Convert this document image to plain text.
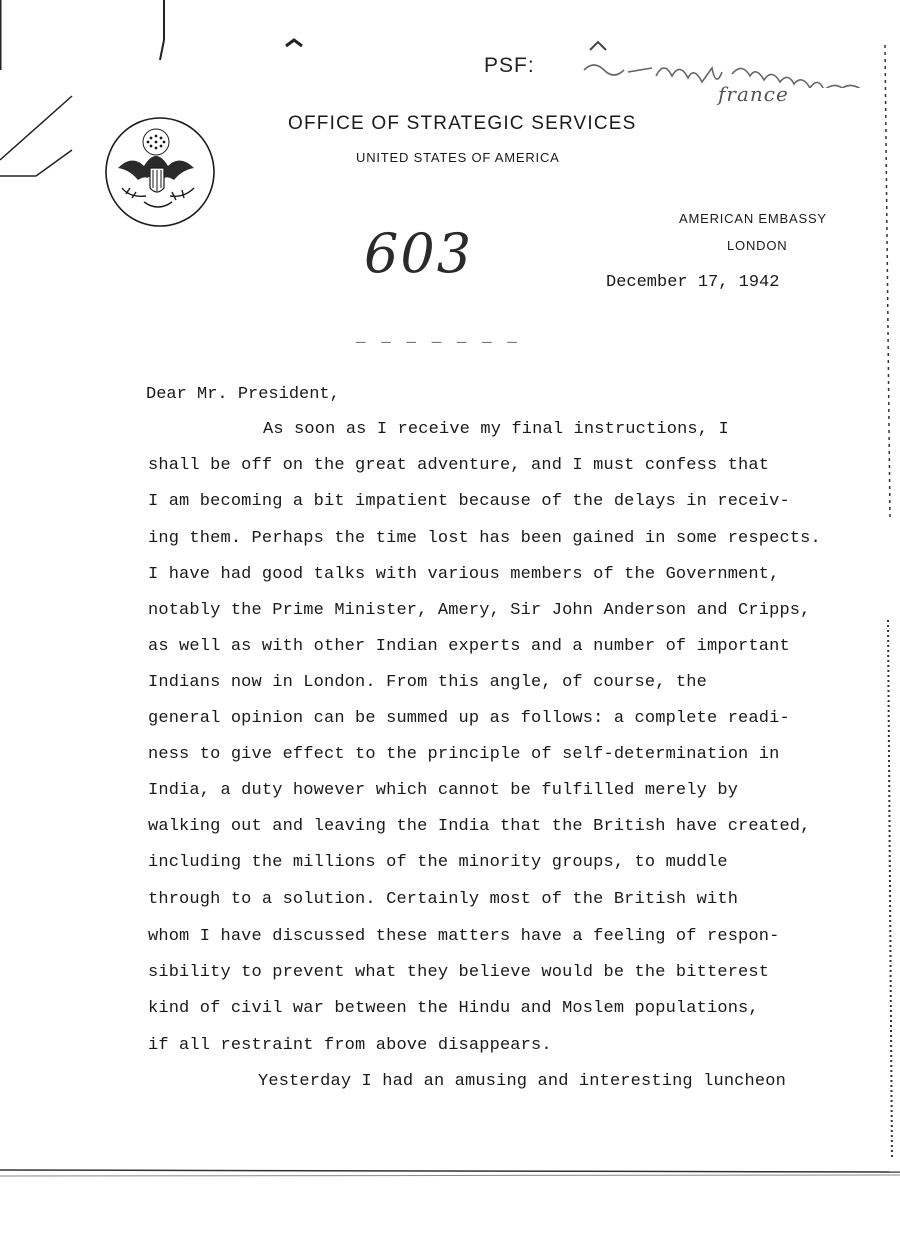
PSF:
france
OFFICE OF STRATEGIC SERVICES
UNITED STATES OF AMERICA
AMERICAN EMBASSY
LONDON
603	December 17, 1942
_ _ _ _ _ _ _
Dear Mr. President,
As soon as I receive my final instructions, I
shall be off on the great adventure, and I must confess that
I am becoming a bit impatient because of the delays in receiv-
ing them. Perhaps the time lost has been gained in some respects.
I have had good talks with various members of the Government,
notably the Prime Minister, Amery, Sir John Anderson and Cripps,
as well as with other Indian experts and a number of important
Indians now in London. From this angle, of course, the
general opinion can be summed up as follows: a complete readi-
ness to give effect to the principle of self-determination in
India, a duty however which cannot be fulfilled merely by
walking out and leaving the India that the British have created,
including the millions of the minority groups, to muddle
through to a solution. Certainly most of the British with
whom I have discussed these matters have a feeling of respon-
sibility to prevent what they believe would be the bitterest
kind of civil war between the Hindu and Moslem populations,
if all restraint from above disappears.
Yesterday I had an amusing and interesting luncheon
